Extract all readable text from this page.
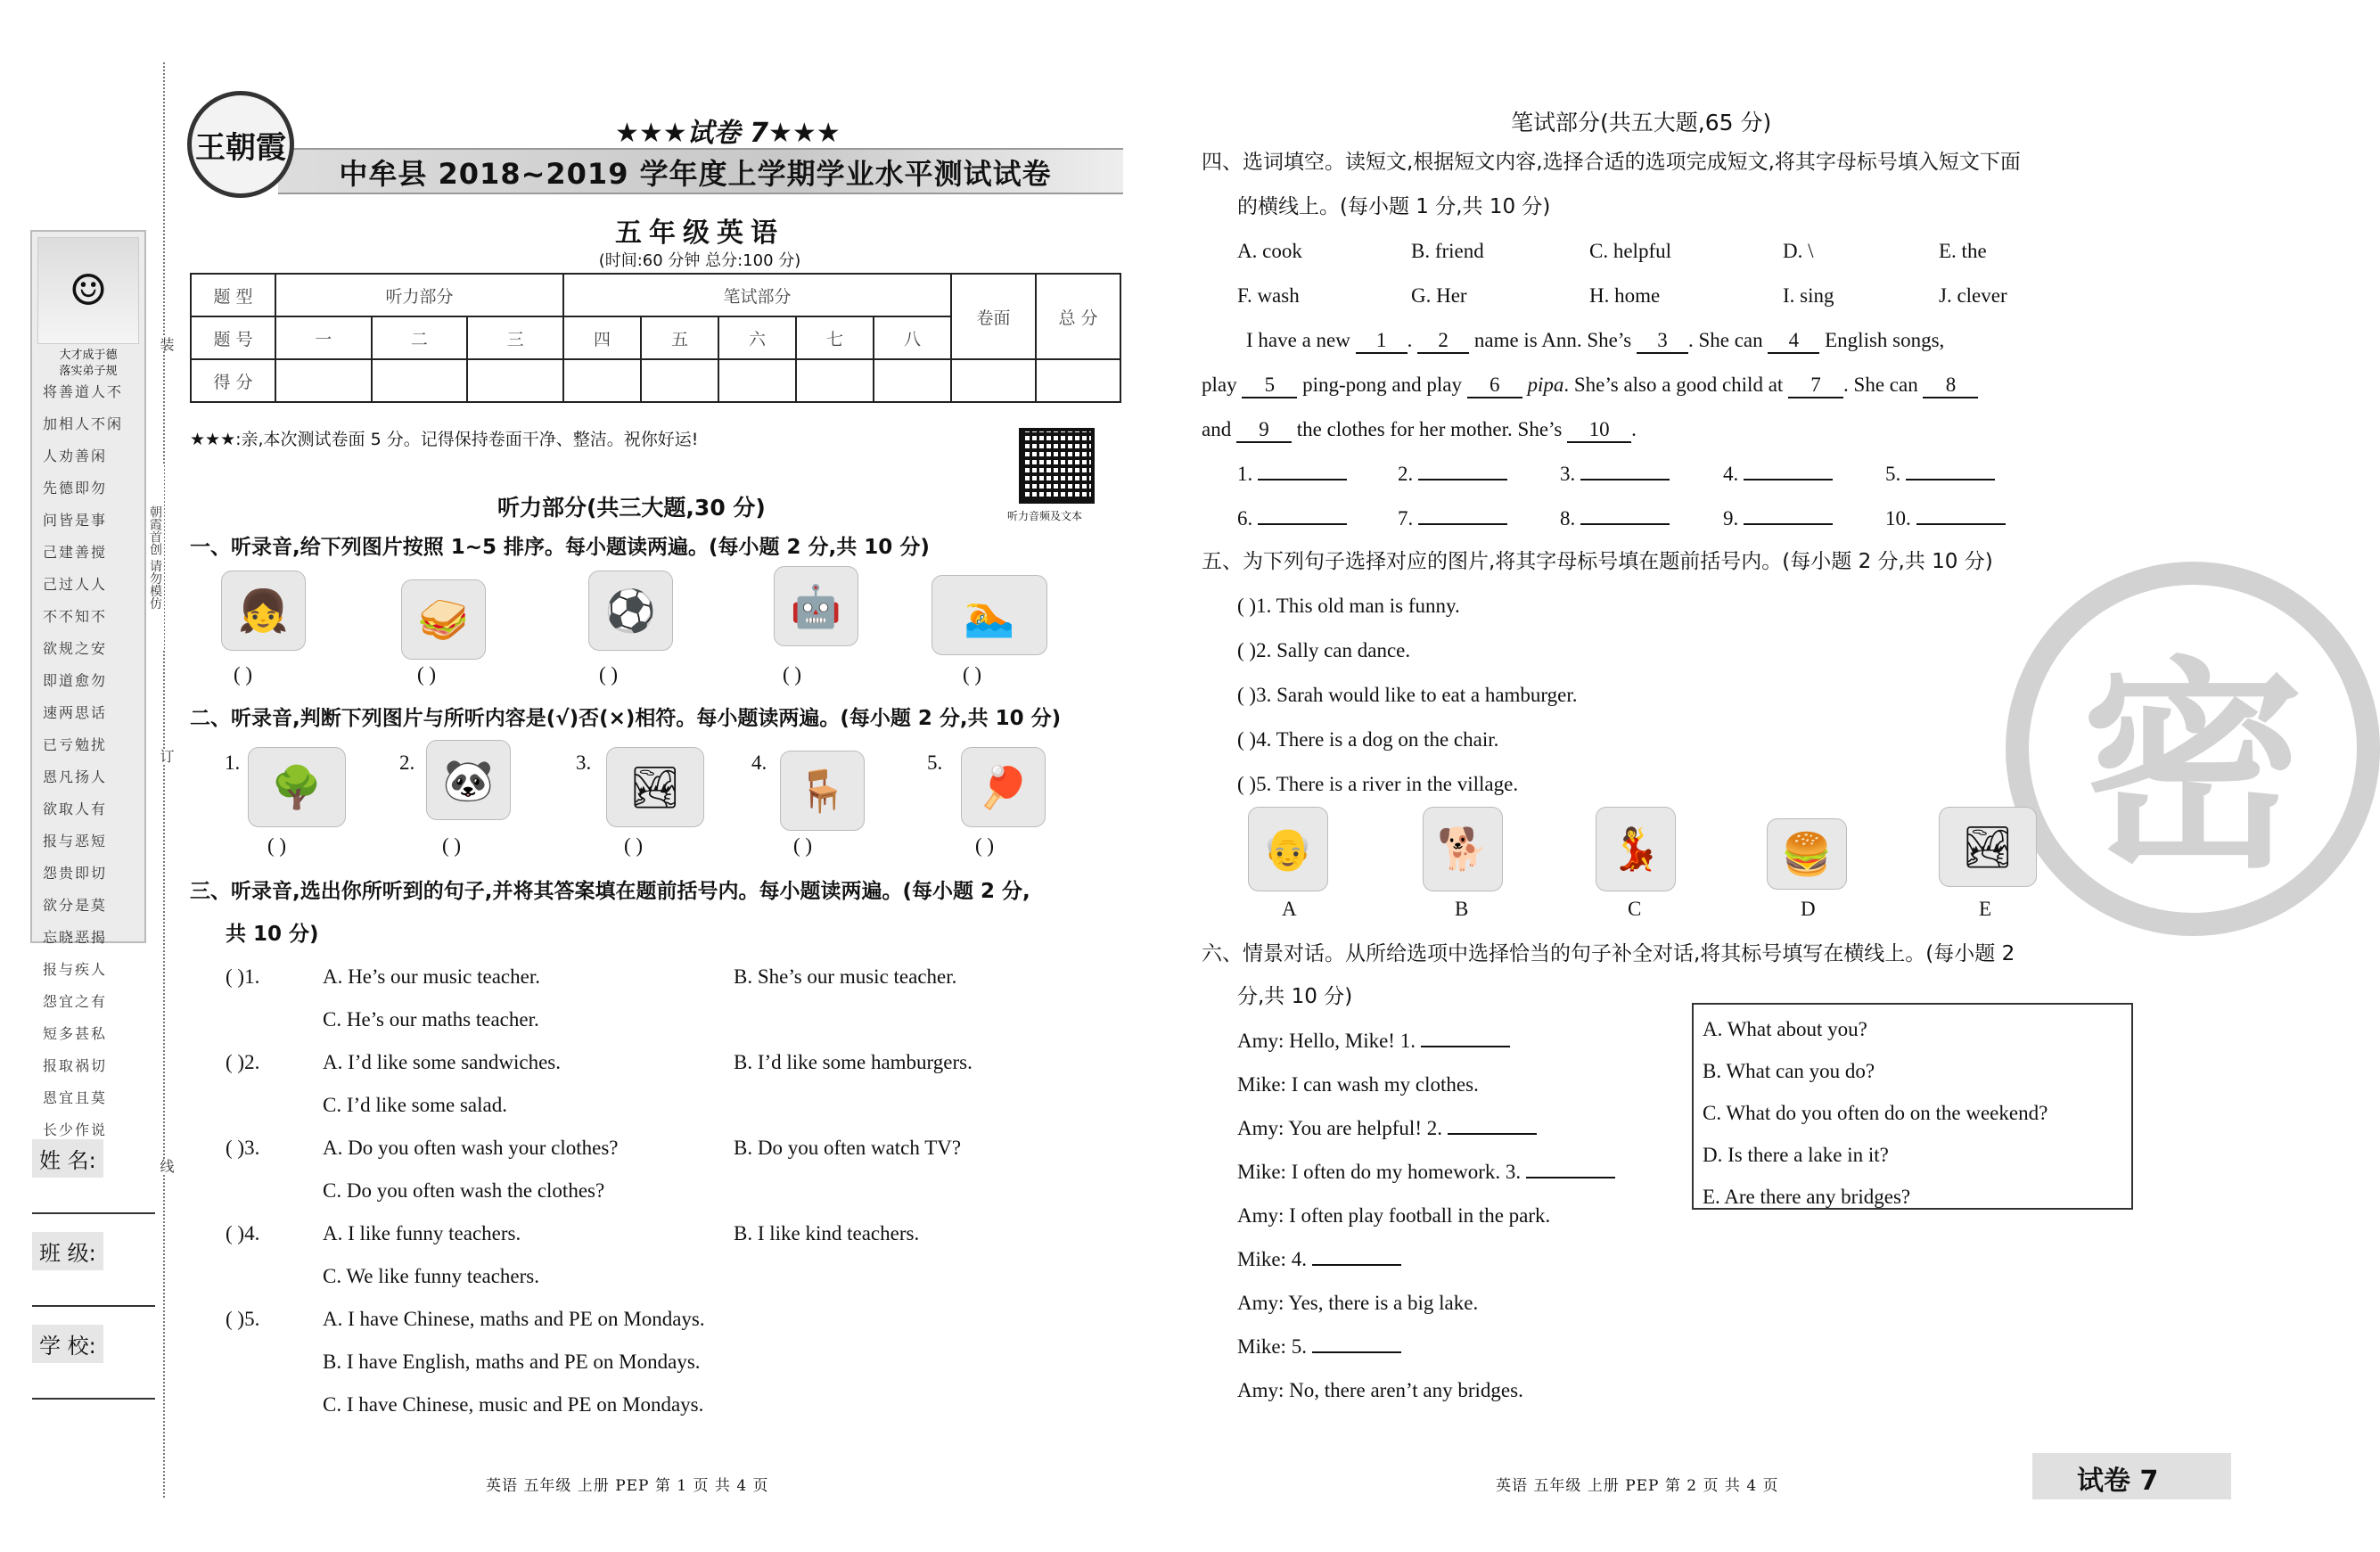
装
订
线
朝霞首创 请勿模仿
☺
大才成于德
落实弟子规
将善道人不
加相人不闲
人劝善闲
先德即勿
问皆是事
己建善搅
己过人人
不不知不
欲规之安
即道愈勿
速两思话
已亏勉扰
恩凡扬人
欲取人有
报与恶短
怨贵即切
欲分是莫
忘晓恶揭
报与疾人
怨宜之有
短多甚私
报取祸切
恩宜且莫
长少作说
姓 名:
班 级:
学 校:
王朝霞	★★★试卷 7★★★
中牟县 2018~2019 学年度上学期学业水平测试试卷
五年级英语
(时间:60 分钟 总分:100 分)
题 型	听力部分			笔试部分					卷面	总 分
题 号	一	二	三	四	五	六	七	八		
得 分										
★★★:亲,本次测试卷面 5 分。记得保持卷面干净、整洁。祝你好运!
听力音频及文本
听力部分(共三大题,30 分)
一、听录音,给下列图片按照 1~5 排序。每小题读两遍。(每小题 2 分,共 10 分)
👧	🥪	⚽	🤖	🏊
( )	( )	( )	( )	( )
二、听录音,判断下列图片与所听内容是(√)否(×)相符。每小题读两遍。(每小题 2 分,共 10 分)
1.	2.	3.	4.	5.
🌳	🐼	🏞	🪑	🏓
( )	( )	( )	( )	( )
三、听录音,选出你所听到的句子,并将其答案填在题前括号内。每小题读两遍。(每小题 2 分,
共 10 分)
( )1.	A. He’s our music teacher.	B. She’s our music teacher.
C. He’s our maths teacher.
( )2.	A. I’d like some sandwiches.	B. I’d like some hamburgers.
C. I’d like some salad.
( )3.	A. Do you often wash your clothes?	B. Do you often watch TV?
C. Do you often wash the clothes?
( )4.	A. I like funny teachers.	B. I like kind teachers.
C. We like funny teachers.
( )5.	A. I have Chinese, maths and PE on Mondays.
B. I have English, maths and PE on Mondays.
C. I have Chinese, music and PE on Mondays.
英语 五年级 上册 PEP 第 1 页 共 4 页
密
笔试部分(共五大题,65 分)
四、选词填空。读短文,根据短文内容,选择合适的选项完成短文,将其字母标号填入短文下面
的横线上。(每小题 1 分,共 10 分)
A. cook	B. friend	C. helpful	D. \	E. the
F. wash	G. Her	H. home	I. sing	J. clever
I have a new 1 . 2 name is Ann. She’s 3 . She can 4 English songs,
play 5 ping-pong and play 6 pipa. She’s also a good child at 7 . She can 8
and 9 the clothes for her mother. She’s 10 .
1.	2.	3.	4.	5.
6.	7.	8.	9.	10.
五、为下列句子选择对应的图片,将其字母标号填在题前括号内。(每小题 2 分,共 10 分)
( )1. This old man is funny.
( )2. Sally can dance.
( )3. Sarah would like to eat a hamburger.
( )4. There is a dog on the chair.
( )5. There is a river in the village.
👴	🐕	💃	🍔	🏞
A	B	C	D	E
六、情景对话。从所给选项中选择恰当的句子补全对话,将其标号填写在横线上。(每小题 2
分,共 10 分)
Amy: Hello, Mike! 1.
Mike: I can wash my clothes.
Amy: You are helpful! 2.
Mike: I often do my homework. 3.
Amy: I often play football in the park.
Mike: 4.
Amy: Yes, there is a big lake.
Mike: 5.
Amy: No, there aren’t any bridges.
A. What about you?
B. What can you do?
C. What do you often do on the weekend?
D. Is there a lake in it?
E. Are there any bridges?
英语 五年级 上册 PEP 第 2 页 共 4 页	试卷 7
